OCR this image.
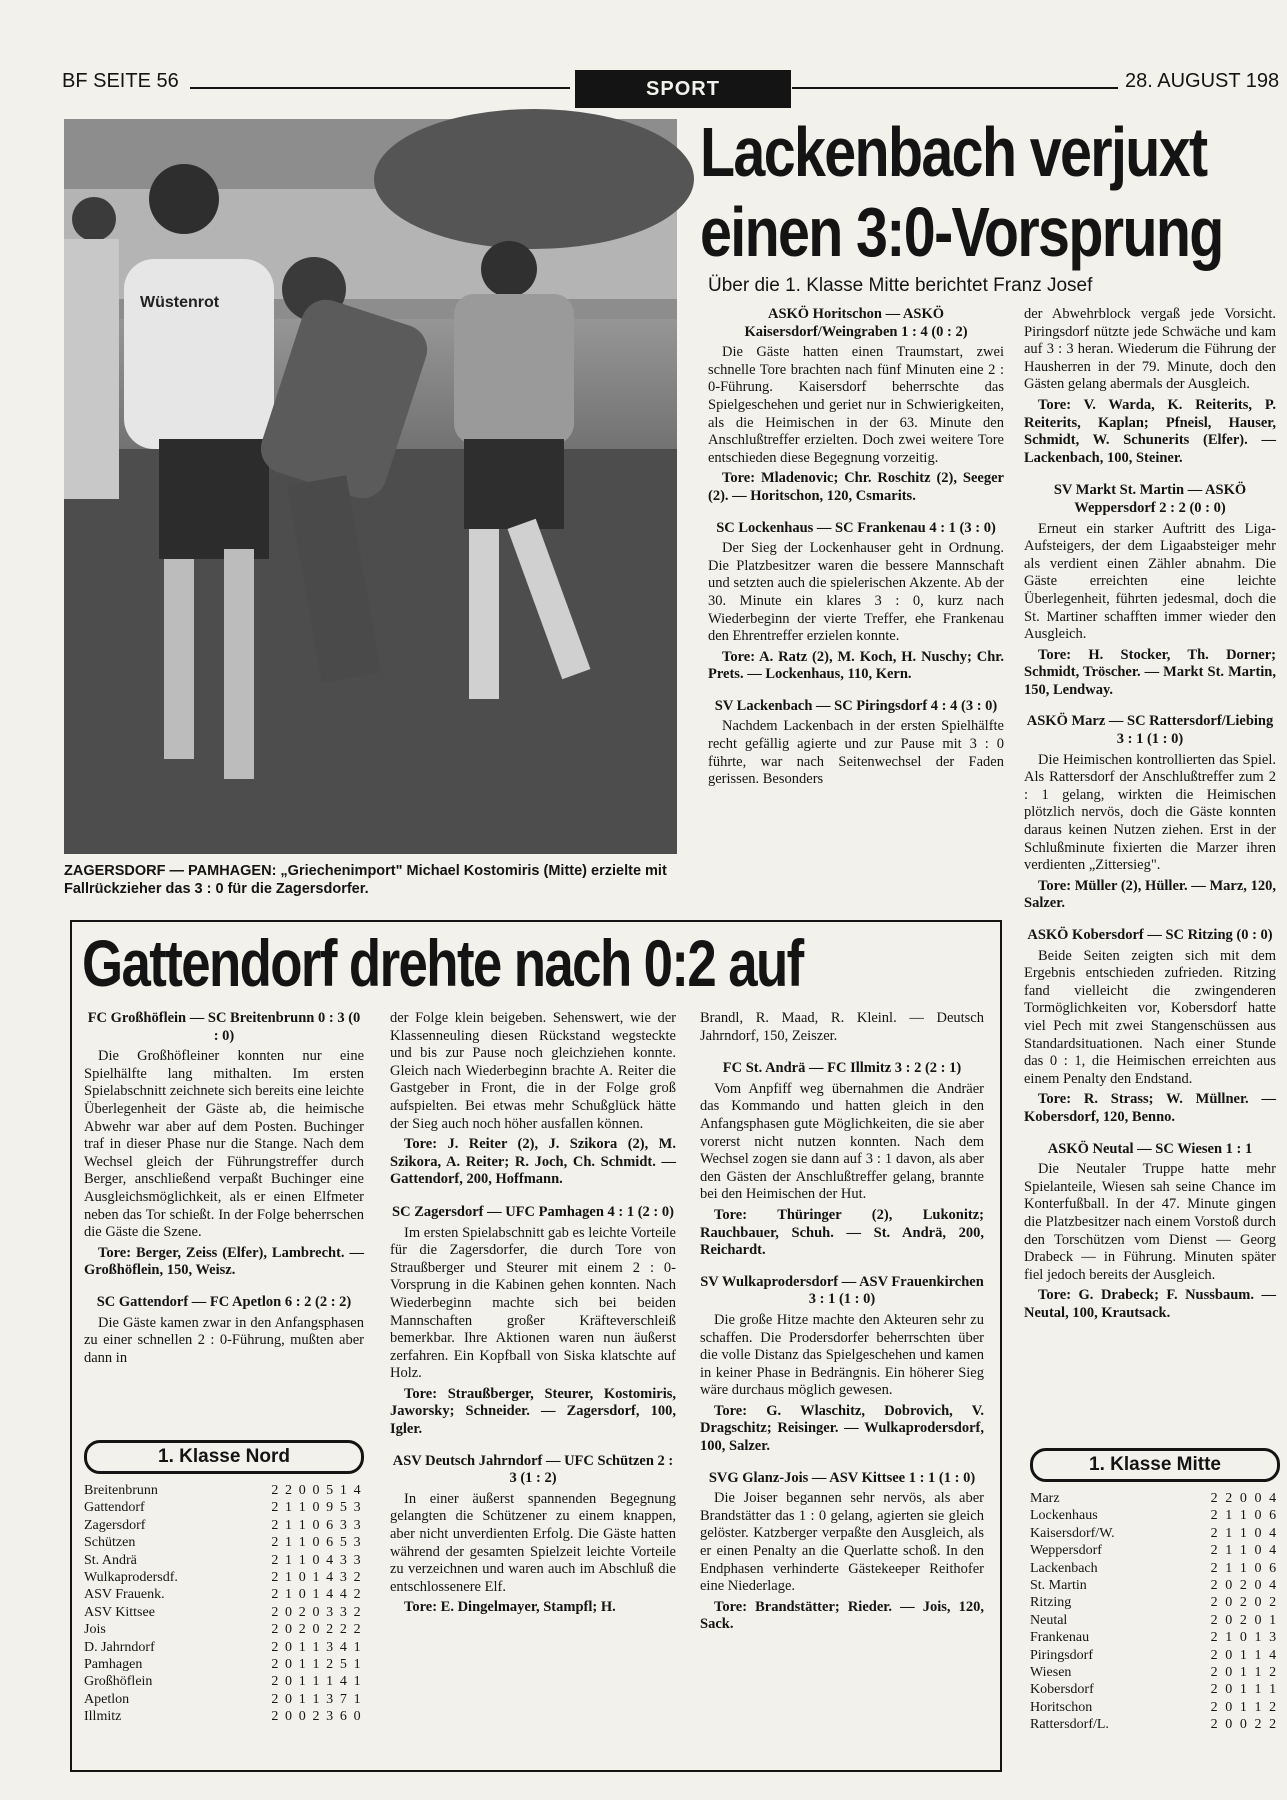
BF SEITE 56	SPORT	28. AUGUST 198
Wüstenrot
ZAGERSDORF — PAMHAGEN: „Griechenimport" Michael Kostomiris (Mitte) erzielte mit Fallrückzieher das 3 : 0 für die Zagersdorfer.
Lackenbach verjuxt
einen 3:0-Vorsprung
Über die 1. Klasse Mitte berichtet Franz Josef
ASKÖ Horitschon — ASKÖ Kaisersdorf/Weingraben 1 : 4 (0 : 2)

Die Gäste hatten einen Traumstart, zwei schnelle Tore brachten nach fünf Minuten eine 2 : 0-Führung. Kaisersdorf beherrschte das Spielgeschehen und geriet nur in Schwierigkeiten, als die Heimischen in der 63. Minute den Anschlußtreffer erzielten. Doch zwei weitere Tore entschieden diese Begegnung vorzeitig.

Tore: Mladenovic; Chr. Roschitz (2), Seeger (2). — Horitschon, 120, Csmarits.

SC Lockenhaus — SC Frankenau 4 : 1 (3 : 0)

Der Sieg der Lockenhauser geht in Ordnung. Die Platzbesitzer waren die bessere Mannschaft und setzten auch die spielerischen Akzente. Ab der 30. Minute ein klares 3 : 0, kurz nach Wiederbeginn der vierte Treffer, ehe Frankenau den Ehrentreffer erzielen konnte.

Tore: A. Ratz (2), M. Koch, H. Nuschy; Chr. Prets. — Lockenhaus, 110, Kern.

SV Lackenbach — SC Piringsdorf 4 : 4 (3 : 0)

Nachdem Lackenbach in der ersten Spielhälfte recht gefällig agierte und zur Pause mit 3 : 0 führte, war nach Seitenwechsel der Faden gerissen. Besonders

der Abwehrblock vergaß jede Vorsicht. Piringsdorf nützte jede Schwäche und kam auf 3 : 3 heran. Wiederum die Führung der Hausherren in der 79. Minute, doch den Gästen gelang abermals der Ausgleich.

Tore: V. Warda, K. Reiterits, P. Reiterits, Kaplan; Pfneisl, Hauser, Schmidt, W. Schunerits (Elfer). — Lackenbach, 100, Steiner.

SV Markt St. Martin — ASKÖ Weppersdorf 2 : 2 (0 : 0)

Erneut ein starker Auftritt des Liga-Aufsteigers, der dem Ligaabsteiger mehr als verdient einen Zähler abnahm. Die Gäste erreichten eine leichte Überlegenheit, führten jedesmal, doch die St. Martiner schafften immer wieder den Ausgleich.

Tore: H. Stocker, Th. Dorner; Schmidt, Tröscher. — Markt St. Martin, 150, Lendway.

ASKÖ Marz — SC Rattersdorf/Liebing 3 : 1 (1 : 0)

Die Heimischen kontrollierten das Spiel. Als Rattersdorf der Anschlußtreffer zum 2 : 1 gelang, wirkten die Heimischen plötzlich nervös, doch die Gäste konnten daraus keinen Nutzen ziehen. Erst in der Schlußminute fixierten die Marzer ihren verdienten „Zittersieg".

Tore: Müller (2), Hüller. — Marz, 120, Salzer.

ASKÖ Kobersdorf — SC Ritzing (0 : 0)

Beide Seiten zeigten sich mit dem Ergebnis entschieden zufrieden. Ritzing fand vielleicht die zwingenderen Tormöglichkeiten vor, Kobersdorf hatte viel Pech mit zwei Stangenschüssen aus Standardsituationen. Nach einer Stunde das 0 : 1, die Heimischen erreichten aus einem Penalty den Endstand.

Tore: R. Strass; W. Müllner. — Kobersdorf, 120, Benno.

ASKÖ Neutal — SC Wiesen 1 : 1

Die Neutaler Truppe hatte mehr Spielanteile, Wiesen sah seine Chance im Konterfußball. In der 47. Minute gingen die Platzbesitzer nach einem Vorstoß durch den Torschützen vom Dienst — Georg Drabeck — in Führung. Minuten später fiel jedoch bereits der Ausgleich.

Tore: G. Drabeck; F. Nussbaum. — Neutal, 100, Krautsack.

1. Klasse Mitte
Marz	2	2	0	0	4
Lockenhaus	2	1	1	0	6
Kaisersdorf/W.	2	1	1	0	4
Weppersdorf	2	1	1	0	4
Lackenbach	2	1	1	0	6
St. Martin	2	0	2	0	4
Ritzing	2	0	2	0	2
Neutal	2	0	2	0	1
Frankenau	2	1	0	1	3
Piringsdorf	2	0	1	1	4
Wiesen	2	0	1	1	2
Kobersdorf	2	0	1	1	1
Horitschon	2	0	1	1	2
Rattersdorf/L.	2	0	0	2	2
Gattendorf drehte nach 0:2 auf
FC Großhöflein — SC Breitenbrunn 0 : 3 (0 : 0)

Die Großhöfleiner konnten nur eine Spielhälfte lang mithalten. Im ersten Spielabschnitt zeichnete sich bereits eine leichte Überlegenheit der Gäste ab, die heimische Abwehr war aber auf dem Posten. Buchinger traf in dieser Phase nur die Stange. Nach dem Wechsel gleich der Führungstreffer durch Berger, anschließend verpaßt Buchinger eine Ausgleichsmöglichkeit, als er einen Elfmeter neben das Tor schießt. In der Folge beherrschen die Gäste die Szene.

Tore: Berger, Zeiss (Elfer), Lambrecht. — Großhöflein, 150, Weisz.

SC Gattendorf — FC Apetlon 6 : 2 (2 : 2)

Die Gäste kamen zwar in den Anfangsphasen zu einer schnellen 2 : 0-Führung, mußten aber dann in

1. Klasse Nord
Breitenbrunn	2	2	0	0	5	1	4
Gattendorf	2	1	1	0	9	5	3
Zagersdorf	2	1	1	0	6	3	3
Schützen	2	1	1	0	6	5	3
St. Andrä	2	1	1	0	4	3	3
Wulkaprodersdf.	2	1	0	1	4	3	2
ASV Frauenk.	2	1	0	1	4	4	2
ASV Kittsee	2	0	2	0	3	3	2
Jois	2	0	2	0	2	2	2
D. Jahrndorf	2	0	1	1	3	4	1
Pamhagen	2	0	1	1	2	5	1
Großhöflein	2	0	1	1	1	4	1
Apetlon	2	0	1	1	3	7	1
Illmitz	2	0	0	2	3	6	0

der Folge klein beigeben. Sehenswert, wie der Klassenneuling diesen Rückstand wegsteckte und bis zur Pause noch gleichziehen konnte. Gleich nach Wiederbeginn brachte A. Reiter die Gastgeber in Front, die in der Folge groß aufspielten. Bei etwas mehr Schußglück hätte der Sieg auch noch höher ausfallen können.

Tore: J. Reiter (2), J. Szikora (2), M. Szikora, A. Reiter; R. Joch, Ch. Schmidt. — Gattendorf, 200, Hoffmann.

SC Zagersdorf — UFC Pamhagen 4 : 1 (2 : 0)

Im ersten Spielabschnitt gab es leichte Vorteile für die Zagersdorfer, die durch Tore von Straußberger und Steurer mit einem 2 : 0-Vorsprung in die Kabinen gehen konnten. Nach Wiederbeginn machte sich bei beiden Mannschaften großer Kräfteverschleiß bemerkbar. Ihre Aktionen waren nun äußerst zerfahren. Ein Kopfball von Siska klatschte auf Holz.

Tore: Straußberger, Steurer, Kostomiris, Jaworsky; Schneider. — Zagersdorf, 100, Igler.

ASV Deutsch Jahrndorf — UFC Schützen 2 : 3 (1 : 2)

In einer äußerst spannenden Begegnung gelangten die Schützener zu einem knappen, aber nicht unverdienten Erfolg. Die Gäste hatten während der gesamten Spielzeit leichte Vorteile zu verzeichnen und waren auch im Abschluß die entschlossenere Elf.

Tore: E. Dingelmayer, Stampfl; H.

Brandl, R. Maad, R. Kleinl. — Deutsch Jahrndorf, 150, Zeiszer.

FC St. Andrä — FC Illmitz 3 : 2 (2 : 1)

Vom Anpfiff weg übernahmen die Andräer das Kommando und hatten gleich in den Anfangsphasen gute Möglichkeiten, die sie aber vorerst nicht nutzen konnten. Nach dem Wechsel zogen sie dann auf 3 : 1 davon, als aber den Gästen der Anschlußtreffer gelang, brannte bei den Heimischen der Hut.

Tore: Thüringer (2), Lukonitz; Rauchbauer, Schuh. — St. Andrä, 200, Reichardt.

SV Wulkaprodersdorf — ASV Frauenkirchen 3 : 1 (1 : 0)

Die große Hitze machte den Akteuren sehr zu schaffen. Die Prodersdorfer beherrschten über die volle Distanz das Spielgeschehen und kamen in keiner Phase in Bedrängnis. Ein höherer Sieg wäre durchaus möglich gewesen.

Tore: G. Wlaschitz, Dobrovich, V. Dragschitz; Reisinger. — Wulkaprodersdorf, 100, Salzer.

SVG Glanz-Jois — ASV Kittsee 1 : 1 (1 : 0)

Die Joiser begannen sehr nervös, als aber Brandstätter das 1 : 0 gelang, agierten sie gleich gelöster. Katzberger verpaßte den Ausgleich, als er einen Penalty an die Querlatte schoß. In den Endphasen verhinderte Gästekeeper Reithofer eine Niederlage.

Tore: Brandstätter; Rieder. — Jois, 120, Sack.
